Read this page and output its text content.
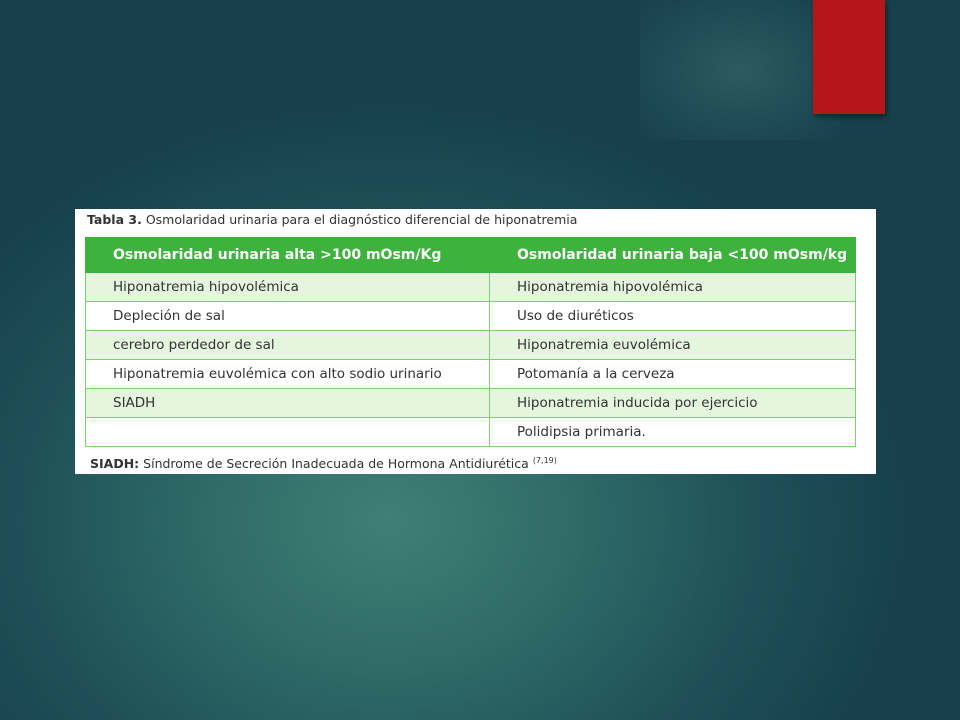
Tabla 3. Osmolaridad urinaria para el diagnóstico diferencial de hiponatremia
Osmolaridad urinaria alta >100 mOsm/Kg	Osmolaridad urinaria baja <100 mOsm/kg
Hiponatremia hipovolémica	Hiponatremia hipovolémica
Depleción de sal	Uso de diuréticos
cerebro perdedor de sal	Hiponatremia euvolémica
Hiponatremia euvolémica con alto sodio urinario	Potomanía a la cerveza
SIADH	Hiponatremia inducida por ejercicio
	Polidipsia primaria.
SIADH: Síndrome de Secreción Inadecuada de Hormona Antidiurética $^{(7,19)}$
